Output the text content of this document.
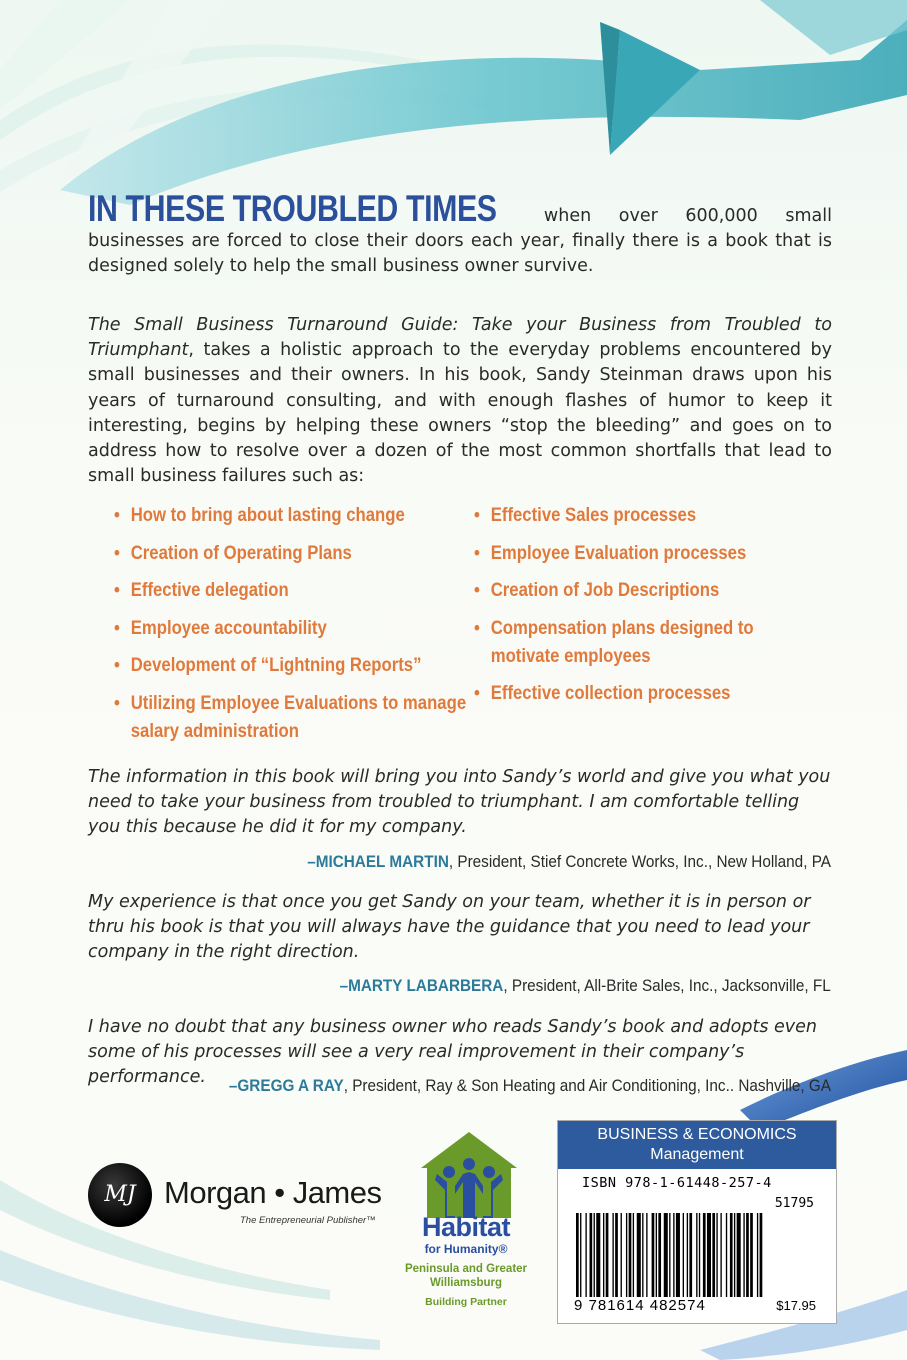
IN THESE TROUBLED TIMES	when over 600,000 small businesses are forced to close their doors each year, finally there is a book that is designed solely to help the small business owner survive.

The Small Business Turnaround Guide: Take your Business from Troubled to Triumphant, takes a holistic approach to the everyday problems encountered by small businesses and their owners. In his book, Sandy Steinman draws upon his years of turnaround consulting, and with enough flashes of humor to keep it interesting, begins by helping these owners “stop the bleeding” and goes on to address how to resolve over a dozen of the most common shortfalls that lead to small business failures such as:

• How to bring about lasting change
• Creation of Operating Plans
• Effective delegation
• Employee accountability
• Development of “Lightning Reports”
• Utilizing Employee Evaluations to manage salary administration
• Effective Sales processes
• Employee Evaluation processes
• Creation of Job Descriptions
• Compensation plans designed to motivate employees
• Effective collection processes

The information in this book will bring you into Sandy’s world and give you what you need to take your business from troubled to triumphant. I am comfortable telling you this because he did it for my company.

–MICHAEL MARTIN, President, Stief Concrete Works, Inc., New Holland, PA

My experience is that once you get Sandy on your team, whether it is in person or thru his book is that you will always have the guidance that you need to lead your company in the right direction.

–MARTY LABARBERA, President, All-Brite Sales, Inc., Jacksonville, FL

I have no doubt that any business owner who reads Sandy’s book and adopts even some of his processes will see a very real improvement in their company’s performance.	–GREGG A RAY, President, Ray & Son Heating and Air Conditioning, Inc.. Nashville, GA

MJ Morgan • James
The Entrepreneurial Publisher™	Habitat
for Humanity®
Peninsula and Greater Williamsburg
Building Partner
BUSINESS & ECONOMICS
Management
ISBN 978-1-61448-257-4
51795
9 781614 482574	$17.95
